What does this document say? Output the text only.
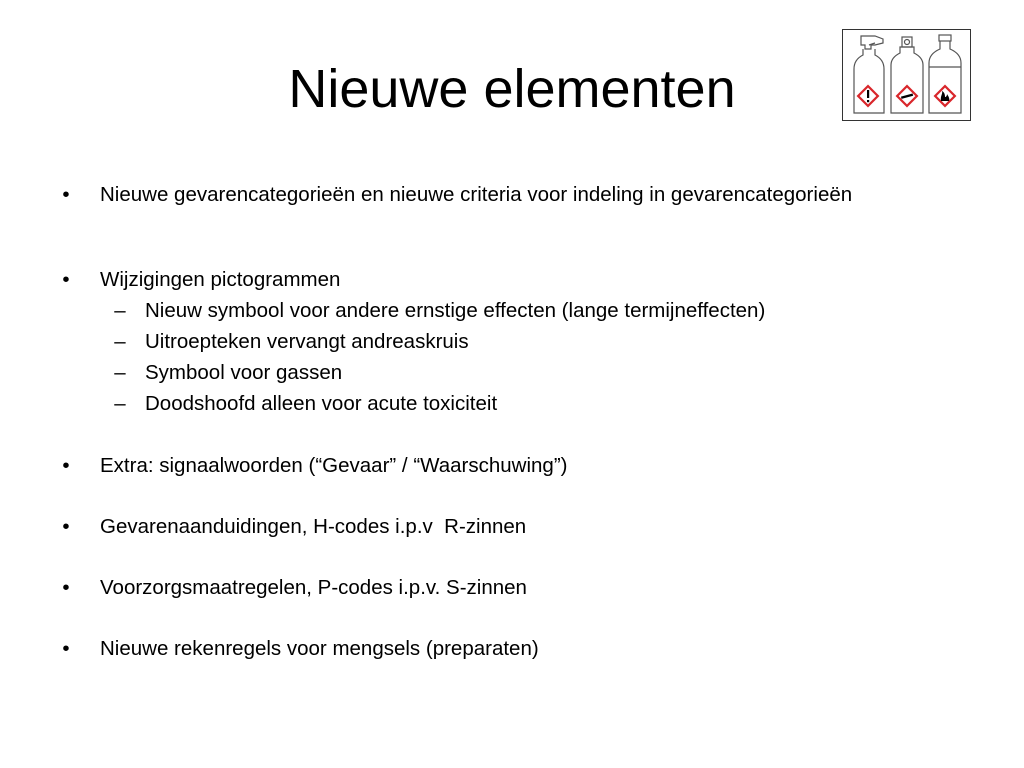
Nieuwe elementen
• Nieuwe gevarencategorieën en nieuwe criteria voor indeling in gevarencategorieën
• Wijzigingen pictogrammen
– Nieuw symbool voor andere ernstige effecten (lange termijneffecten)
– Uitroepteken vervangt andreaskruis
– Symbool voor gassen
– Doodshoofd alleen voor acute toxiciteit
• Extra: signaalwoorden (“Gevaar” / “Waarschuwing”)
• Gevarenaanduidingen, H-codes i.p.v  R-zinnen
• Voorzorgsmaatregelen, P-codes i.p.v. S-zinnen
• Nieuwe rekenregels voor mengsels (preparaten)
